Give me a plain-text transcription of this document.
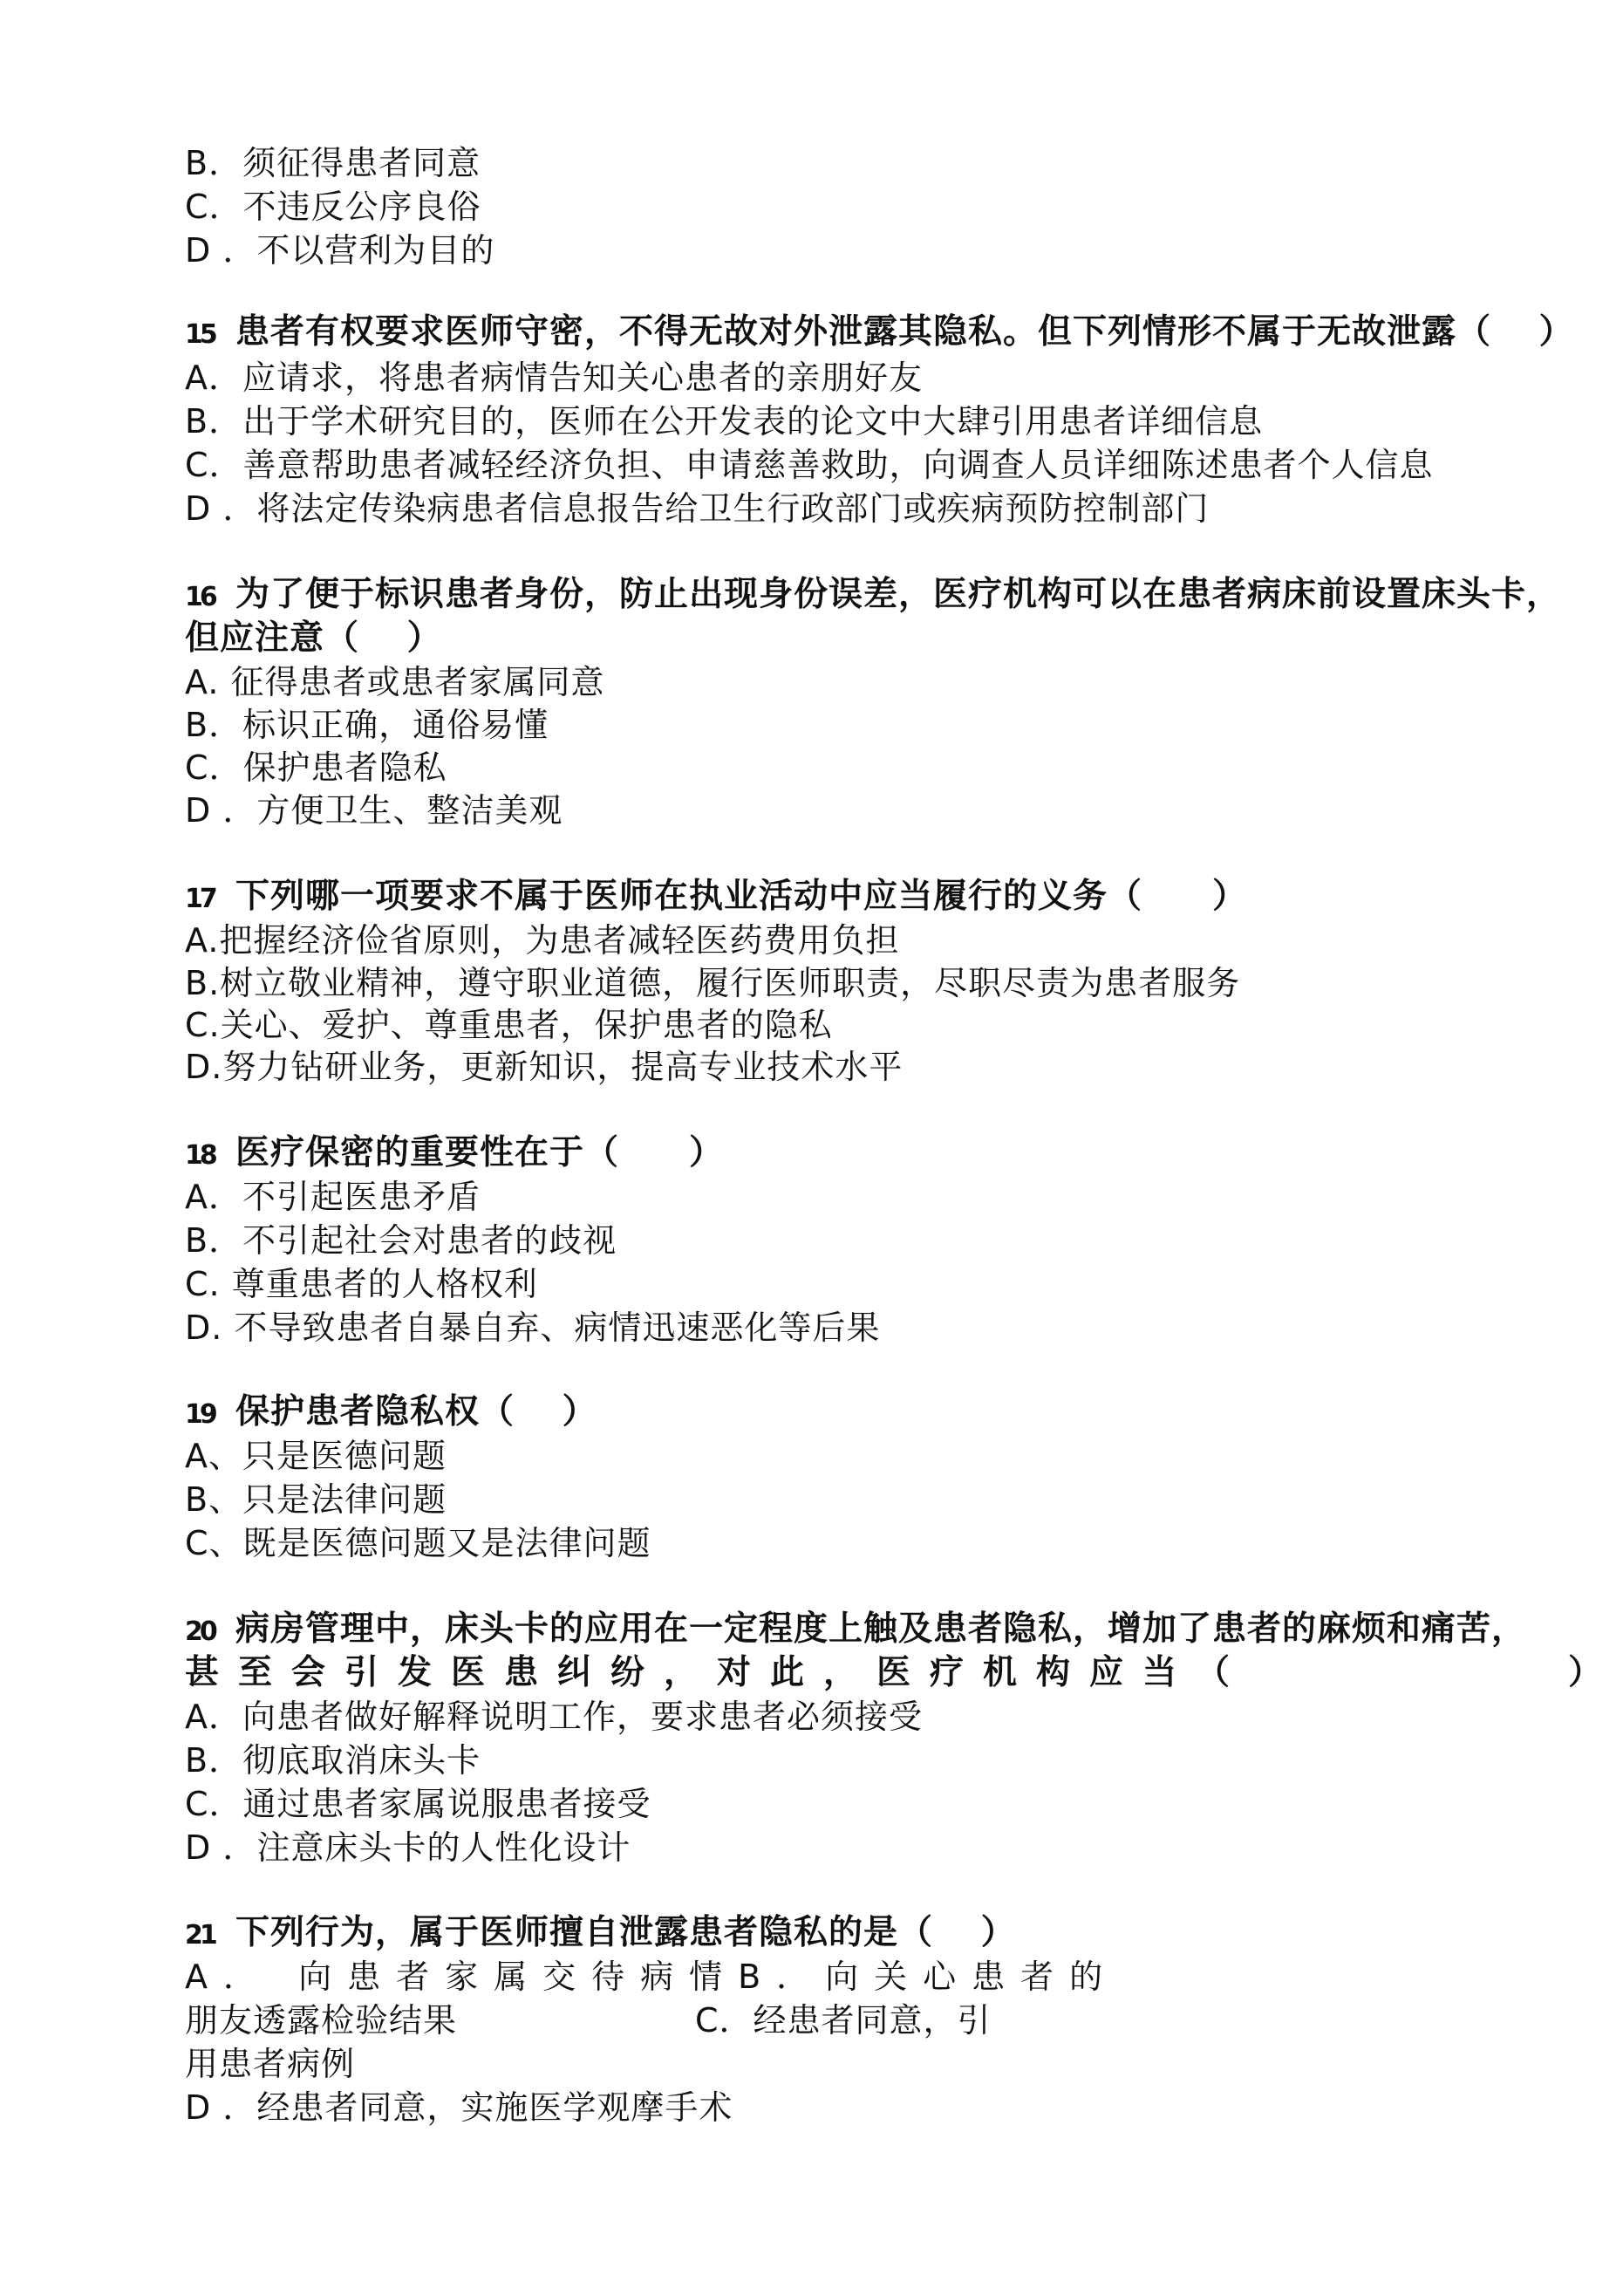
B．须征得患者同意
C．不违反公序良俗
D ．不以营利为目的
15 患者有权要求医师守密，不得无故对外泄露其隐私。但下列情形不属于无故泄露（　 ）
A．应请求，将患者病情告知关心患者的亲朋好友
B．出于学术研究目的，医师在公开发表的论文中大肆引用患者详细信息
C．善意帮助患者减轻经济负担、申请慈善救助，向调查人员详细陈述患者个人信息
D ．将法定传染病患者信息报告给卫生行政部门或疾病预防控制部门
16 为了便于标识患者身份，防止出现身份误差，医疗机构可以在患者病床前设置床头卡，
但应注意（　 ）
A. 征得患者或患者家属同意
B．标识正确，通俗易懂
C．保护患者隐私
D ．方便卫生、整洁美观
17 下列哪一项要求不属于医师在执业活动中应当履行的义务（　　）
A.把握经济俭省原则，为患者减轻医药费用负担
B.树立敬业精神，遵守职业道德，履行医师职责，尽职尽责为患者服务
C.关心、爱护、尊重患者，保护患者的隐私
D.努力钻研业务，更新知识，提高专业技术水平
18 医疗保密的重要性在于（　　）
A．不引起医患矛盾
B．不引起社会对患者的歧视
C. 尊重患者的人格权利
D. 不导致患者自暴自弃、病情迅速恶化等后果
19 保护患者隐私权（　 ）
A、只是医德问题
B、只是法律问题
C、既是医德问题又是法律问题
20 病房管理中，床头卡的应用在一定程度上触及患者隐私，增加了患者的麻烦和痛苦，
甚至会引发医患纠纷，对此，医疗机构应当（　　　　　　）
A．向患者做好解释说明工作，要求患者必须接受
B．彻底取消床头卡
C．通过患者家属说服患者接受
D ．注意床头卡的人性化设计
21 下列行为，属于医师擅自泄露患者隐私的是（　 ）
A． 向患者家属交待病情B．向关心患者的
朋友透露检验结果　　　　　　　C．经患者同意，引
用患者病例
D ．经患者同意，实施医学观摩手术
